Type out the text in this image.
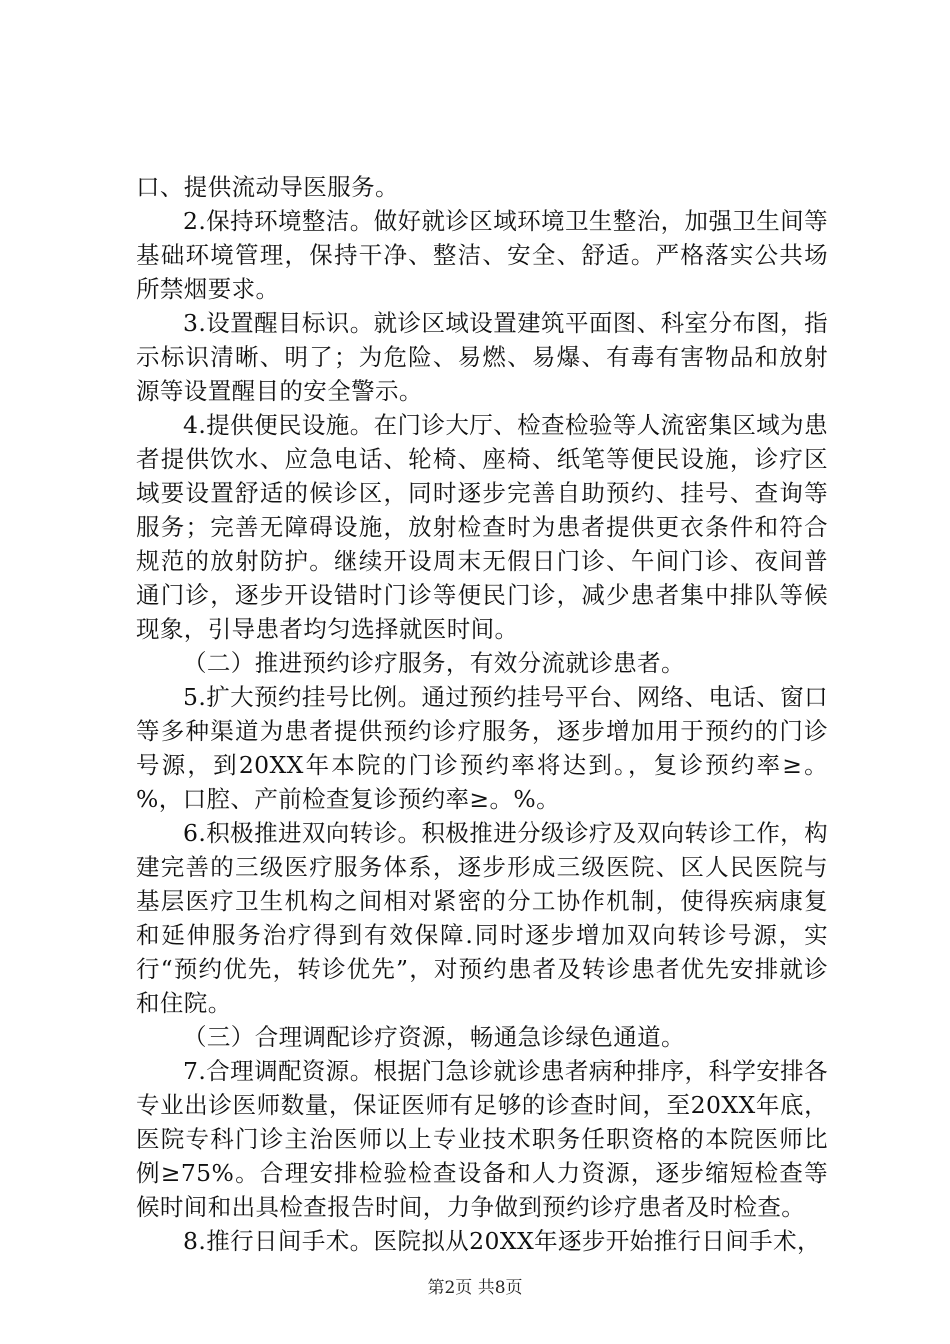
口、提供流动导医服务。

2.保持环境整洁。做好就诊区域环境卫生整治，加强卫生间等基础环境管理，保持干净、整洁、安全、舒适。严格落实公共场所禁烟要求。

3.设置醒目标识。就诊区域设置建筑平面图、科室分布图，指示标识清晰、明了；为危险、易燃、易爆、有毒有害物品和放射源等设置醒目的安全警示。

4.提供便民设施。在门诊大厅、检查检验等人流密集区域为患者提供饮水、应急电话、轮椅、座椅、纸笔等便民设施，诊疗区域要设置舒适的候诊区，同时逐步完善自助预约、挂号、查询等服务；完善无障碍设施，放射检查时为患者提供更衣条件和符合规范的放射防护。继续开设周末无假日门诊、午间门诊、夜间普通门诊，逐步开设错时门诊等便民门诊，减少患者集中排队等候现象，引导患者均匀选择就医时间。

（二）推进预约诊疗服务，有效分流就诊患者。

5.扩大预约挂号比例。通过预约挂号平台、网络、电话、窗口等多种渠道为患者提供预约诊疗服务，逐步增加用于预约的门诊号源，到20XX年本院的门诊预约率将达到。，复诊预约率≥。%，口腔、产前检查复诊预约率≥。%。

6.积极推进双向转诊。积极推进分级诊疗及双向转诊工作，构建完善的三级医疗服务体系，逐步形成三级医院、区人民医院与基层医疗卫生机构之间相对紧密的分工协作机制，使得疾病康复和延伸服务治疗得到有效保障.同时逐步增加双向转诊号源，实行“预约优先，转诊优先”，对预约患者及转诊患者优先安排就诊和住院。

（三）合理调配诊疗资源，畅通急诊绿色通道。

7.合理调配资源。根据门急诊就诊患者病种排序，科学安排各专业出诊医师数量，保证医师有足够的诊查时间，至20XX年底，医院专科门诊主治医师以上专业技术职务任职资格的本院医师比例≥75%。合理安排检验检查设备和人力资源，逐步缩短检查等候时间和出具检查报告时间，力争做到预约诊疗患者及时检查。

8.推行日间手术。医院拟从20XX年逐步开始推行日间手术，

第2页 共8页
